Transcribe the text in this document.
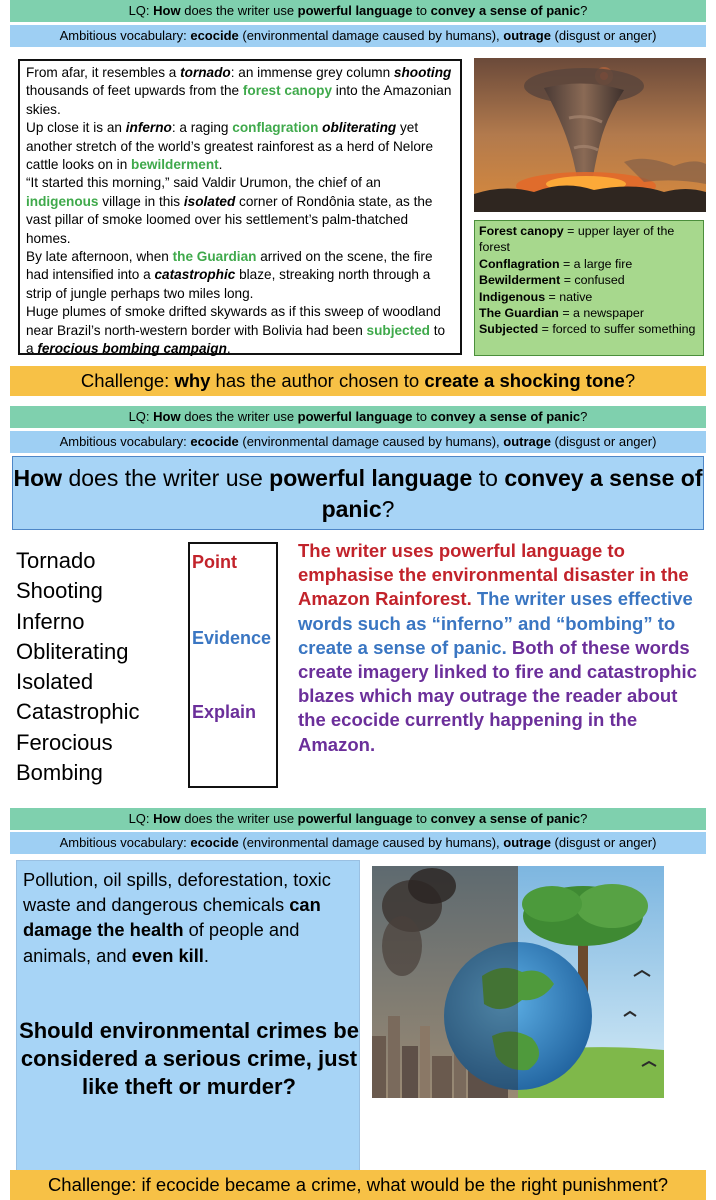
LQ: How does the writer use powerful language to convey a sense of panic?
Ambitious vocabulary: ecocide (environmental damage caused by humans), outrage (disgust or anger)

From afar, it resembles a tornado: an immense grey column shooting thousands of feet upwards from the forest canopy into the Amazonian skies.

Up close it is an inferno: a raging conflagration obliterating yet another stretch of the world’s greatest rainforest as a herd of Nelore cattle looks on in bewilderment.

“It started this morning,” said Valdir Urumon, the chief of an indigenous village in this isolated corner of Rondônia state, as the vast pillar of smoke loomed over his settlement’s palm-thatched homes.

By late afternoon, when the Guardian arrived on the scene, the fire had intensified into a catastrophic blaze, streaking north through a strip of jungle perhaps two miles long.

Huge plumes of smoke drifted skywards as if this sweep of woodland near Brazil’s north-western border with Bolivia had been subjected to a ferocious bombing campaign.

Forest canopy = upper layer of the forest

Conflagration = a large fire

Bewilderment = confused

Indigenous = native

The Guardian = a newspaper

Subjected = forced to suffer something

Challenge: why has the author chosen to create a shocking tone?
LQ: How does the writer use powerful language to convey a sense of panic?
Ambitious vocabulary: ecocide (environmental damage caused by humans), outrage (disgust or anger)
How does the writer use powerful language to convey a sense of panic?
Tornado
Shooting
Inferno
Obliterating
Isolated
Catastrophic
Ferocious
Bombing
Point
Evidence
Explain
The writer uses powerful language to emphasise the environmental disaster in the Amazon Rainforest. The writer uses effective words such as “inferno” and “bombing” to create a sense of panic. Both of these words create imagery linked to fire and catastrophic blazes which may outrage the reader about the ecocide currently happening in the Amazon.
LQ: How does the writer use powerful language to convey a sense of panic?
Ambitious vocabulary: ecocide (environmental damage caused by humans), outrage (disgust or anger)

Pollution, oil spills, deforestation, toxic waste and dangerous chemicals can damage the health of people and animals, and even kill.

Should environmental crimes be considered a serious crime, just like theft or murder?
Challenge: if ecocide became a crime, what would be the right punishment?
